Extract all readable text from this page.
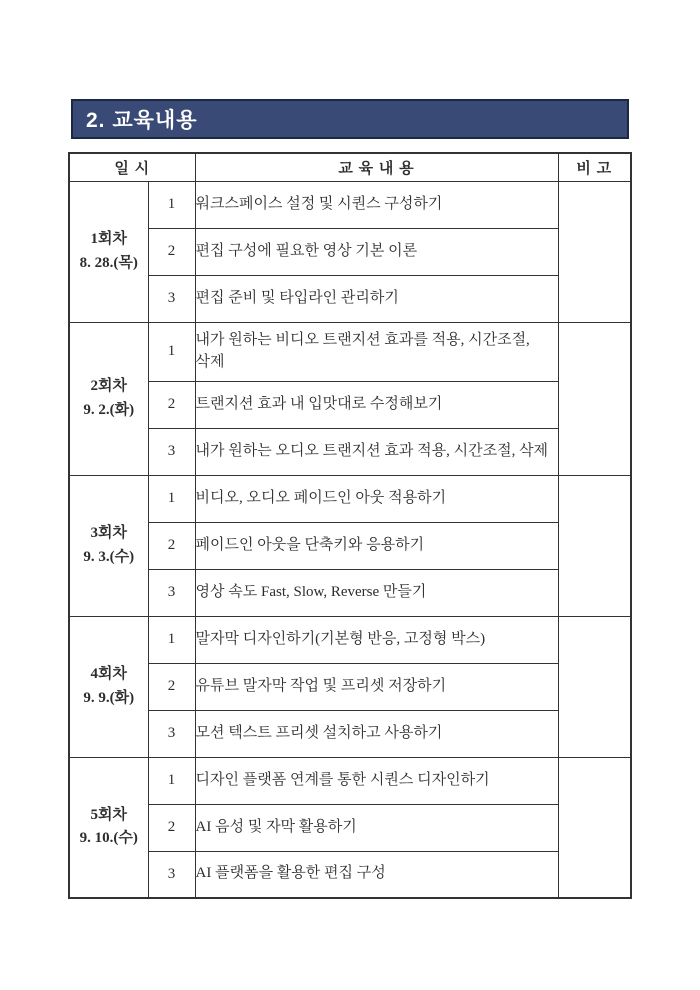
2. 교육내용
일 시		교 육 내 용	비 고

1회차
8. 28.(목)	1	워크스페이스 설정 및 시퀀스 구성하기	
	2	편집 구성에 필요한 영상 기본 이론	
	3	편집 준비 및 타입라인 관리하기	

2회차
9. 2.(화)	1	내가 원하는 비디오 트랜지션 효과를 적용, 시간조절, 삭제	
	2	트랜지션 효과 내 입맛대로 수정해보기	
	3	내가 원하는 오디오 트랜지션 효과 적용, 시간조절, 삭제	

3회차
9. 3.(수)	1	비디오, 오디오 페이드인 아웃 적용하기	
	2	페이드인 아웃을 단축키와 응용하기	
	3	영상 속도 Fast, Slow, Reverse 만들기	

4회차
9. 9.(화)	1	말자막 디자인하기(기본형 반응, 고정형 박스)	
	2	유튜브 말자막 작업 및 프리셋 저장하기	
	3	모션 텍스트 프리셋 설치하고 사용하기	

5회차
9. 10.(수)	1	디자인 플랫폼 연계를 통한 시퀀스 디자인하기	
	2	AI 음성 및 자막 활용하기	
	3	AI 플랫폼을 활용한 편집 구성	
